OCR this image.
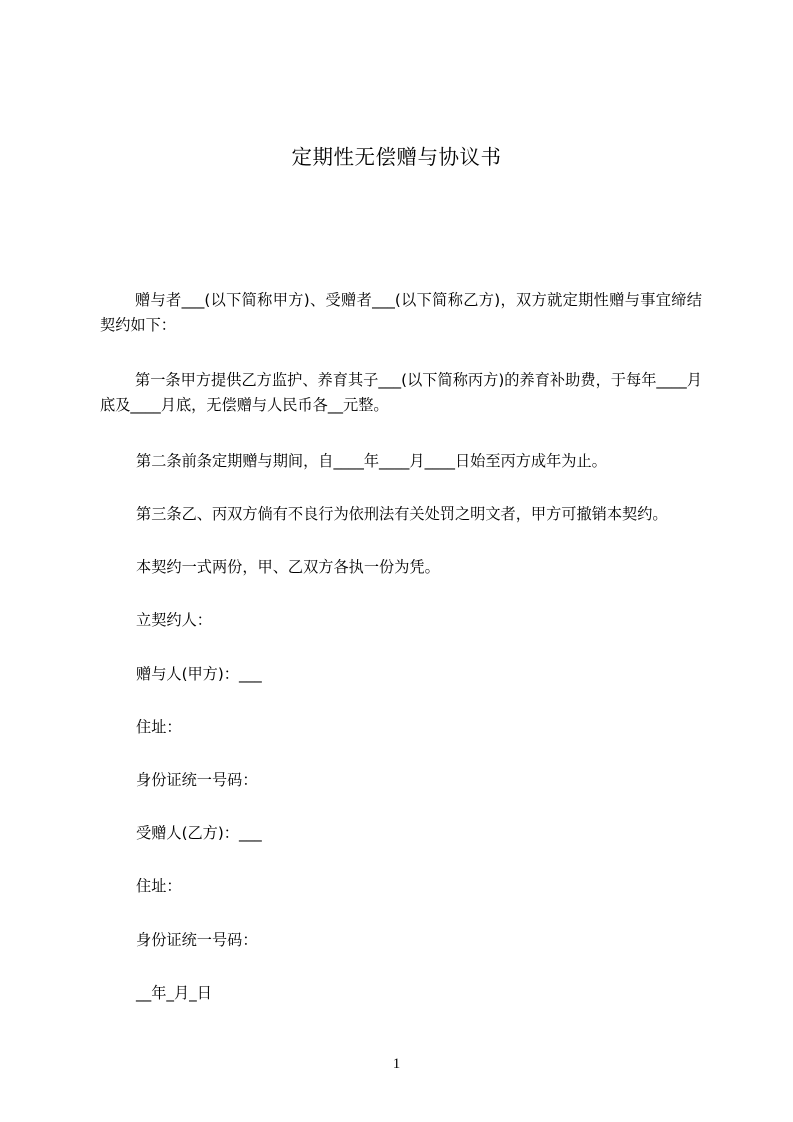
定期性无偿赠与协议书
赠与者___(以下简称甲方)、受赠者___(以下简称乙方)，双方就定期性赠与事宜缔结契约如下：
第一条甲方提供乙方监护、养育其子___(以下简称丙方)的养育补助费，于每年____月底及____月底，无偿赠与人民币各__元整。
第二条前条定期赠与期间，自____年____月____日始至丙方成年为止。
第三条乙、丙双方倘有不良行为依刑法有关处罚之明文者，甲方可撤销本契约。
本契约一式两份，甲、乙双方各执一份为凭。
立契约人：
赠与人(甲方)：___
住址：
身份证统一号码：
受赠人(乙方)：___
住址：
身份证统一号码：
__年_月_日
1
